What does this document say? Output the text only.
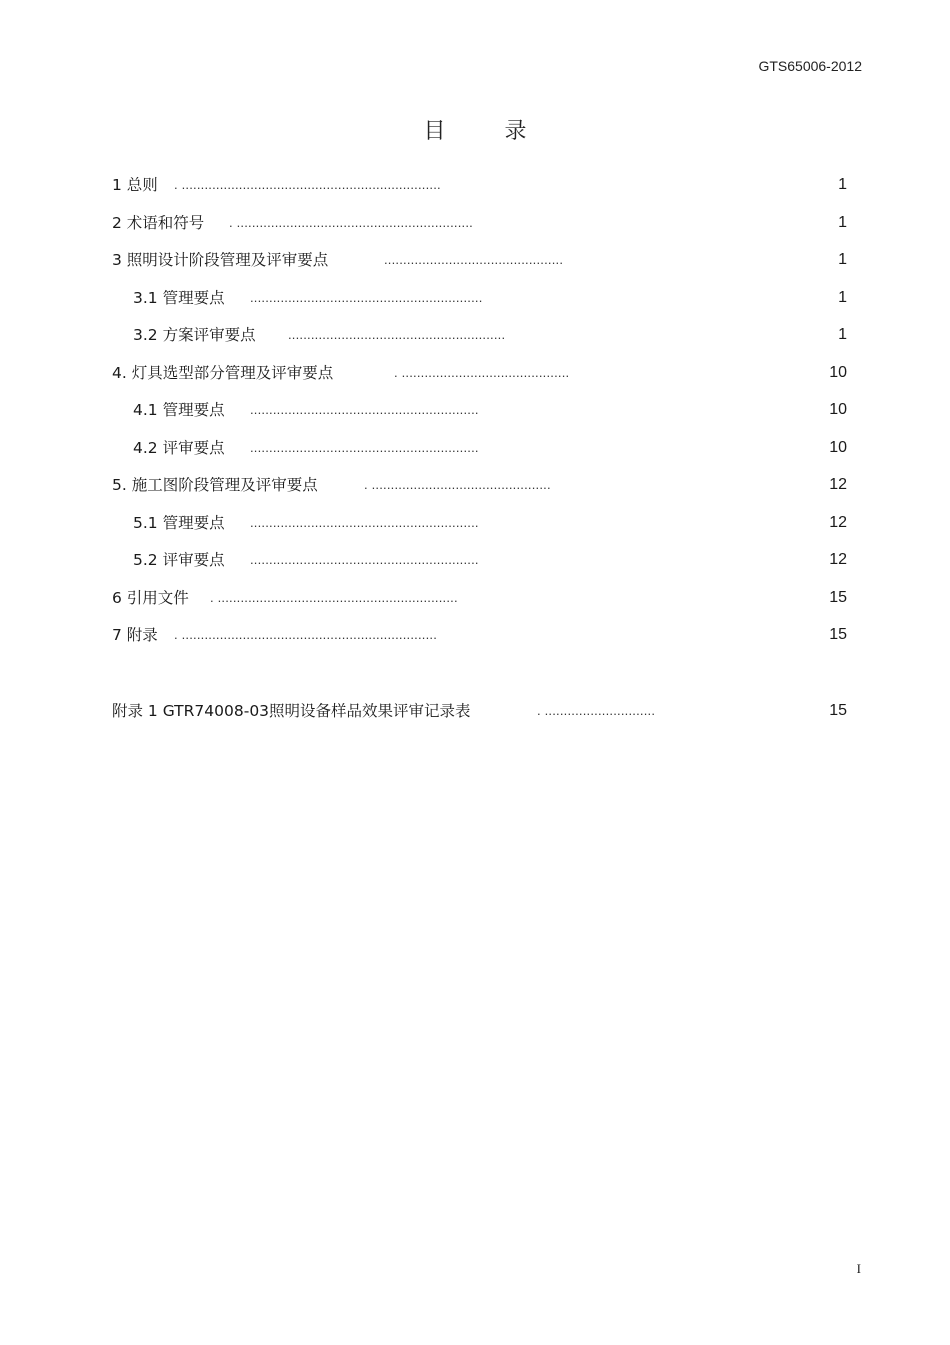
GTS65006-2012
目 录
1 总则 . ....................................................................	1
2 术语和符号 . ..............................................................	1
3 照明设计阶段管理及评审要点	...............................................	1
3.1 管理要点 .............................................................	1
3.2 方案评审要点 .........................................................	1
4. 灯具选型部分管理及评审要点	. ............................................	10
4.1 管理要点 ............................................................	10
4.2 评审要点 ............................................................	10
5. 施工图阶段管理及评审要点	. ...............................................	12
5.1 管理要点 ............................................................	12
5.2 评审要点 ............................................................	12
6 引用文件 . ...............................................................	15
7 附录 . ...................................................................	15
附录 1 GTR74008-03照明设备样品效果评审记录表	. .............................	15
I
